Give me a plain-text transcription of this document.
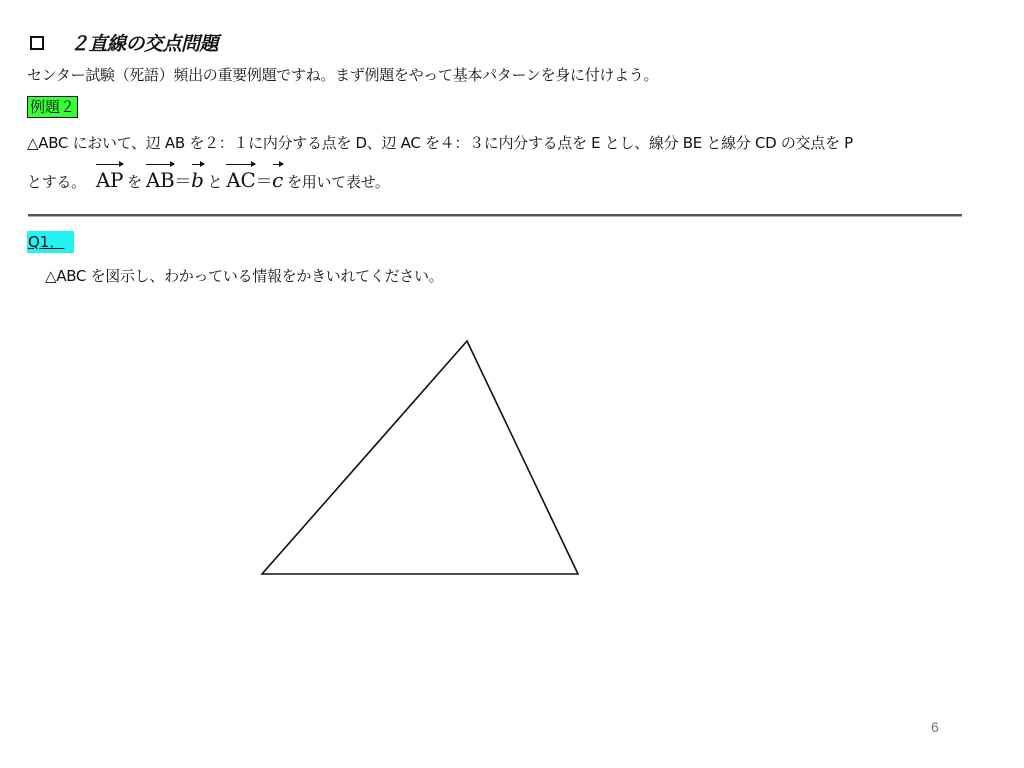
２直線の交点問題
センター試験（死語）頻出の重要例題ですね。まず例題をやって基本パターンを身に付けよう。
例題２
△ABC において、辺 AB を２：１に内分する点を D、辺 AC を４：３に内分する点を E とし、線分 BE と線分 CD の交点を P
とする。 AP を AB ＝ b と AC ＝ c を用いて表せ。
Q1．
△ABC を図示し、わかっている情報をかきいれてください。
6
